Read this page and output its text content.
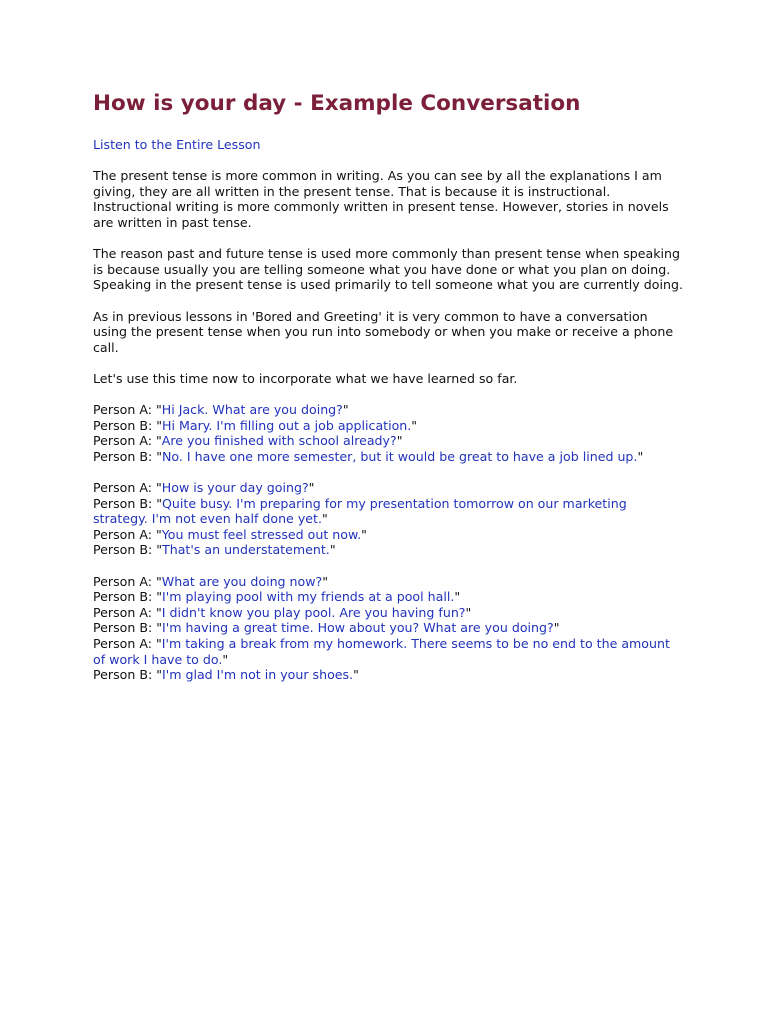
How is your day - Example Conversation
Listen to the Entire Lesson

The present tense is more common in writing. As you can see by all the explanations I am giving, they are all written in the present tense. That is because it is instructional. Instructional writing is more commonly written in present tense. However, stories in novels are written in past tense.

The reason past and future tense is used more commonly than present tense when speaking is because usually you are telling someone what you have done or what you plan on doing. Speaking in the present tense is used primarily to tell someone what you are currently doing.

As in previous lessons in 'Bored and Greeting' it is very common to have a conversation using the present tense when you run into somebody or when you make or receive a phone call.

Let's use this time now to incorporate what we have learned so far.

Person A: "Hi Jack. What are you doing?"

Person B: "Hi Mary. I'm filling out a job application."

Person A: "Are you finished with school already?"

Person B: "No. I have one more semester, but it would be great to have a job lined up."

Person A: "How is your day going?"

Person B: "Quite busy. I'm preparing for my presentation tomorrow on our marketing strategy. I'm not even half done yet."

Person A: "You must feel stressed out now."

Person B: "That's an understatement."

Person A: "What are you doing now?"

Person B: "I'm playing pool with my friends at a pool hall."

Person A: "I didn't know you play pool. Are you having fun?"

Person B: "I'm having a great time. How about you? What are you doing?"

Person A: "I'm taking a break from my homework. There seems to be no end to the amount of work I have to do."

Person B: "I'm glad I'm not in your shoes."
